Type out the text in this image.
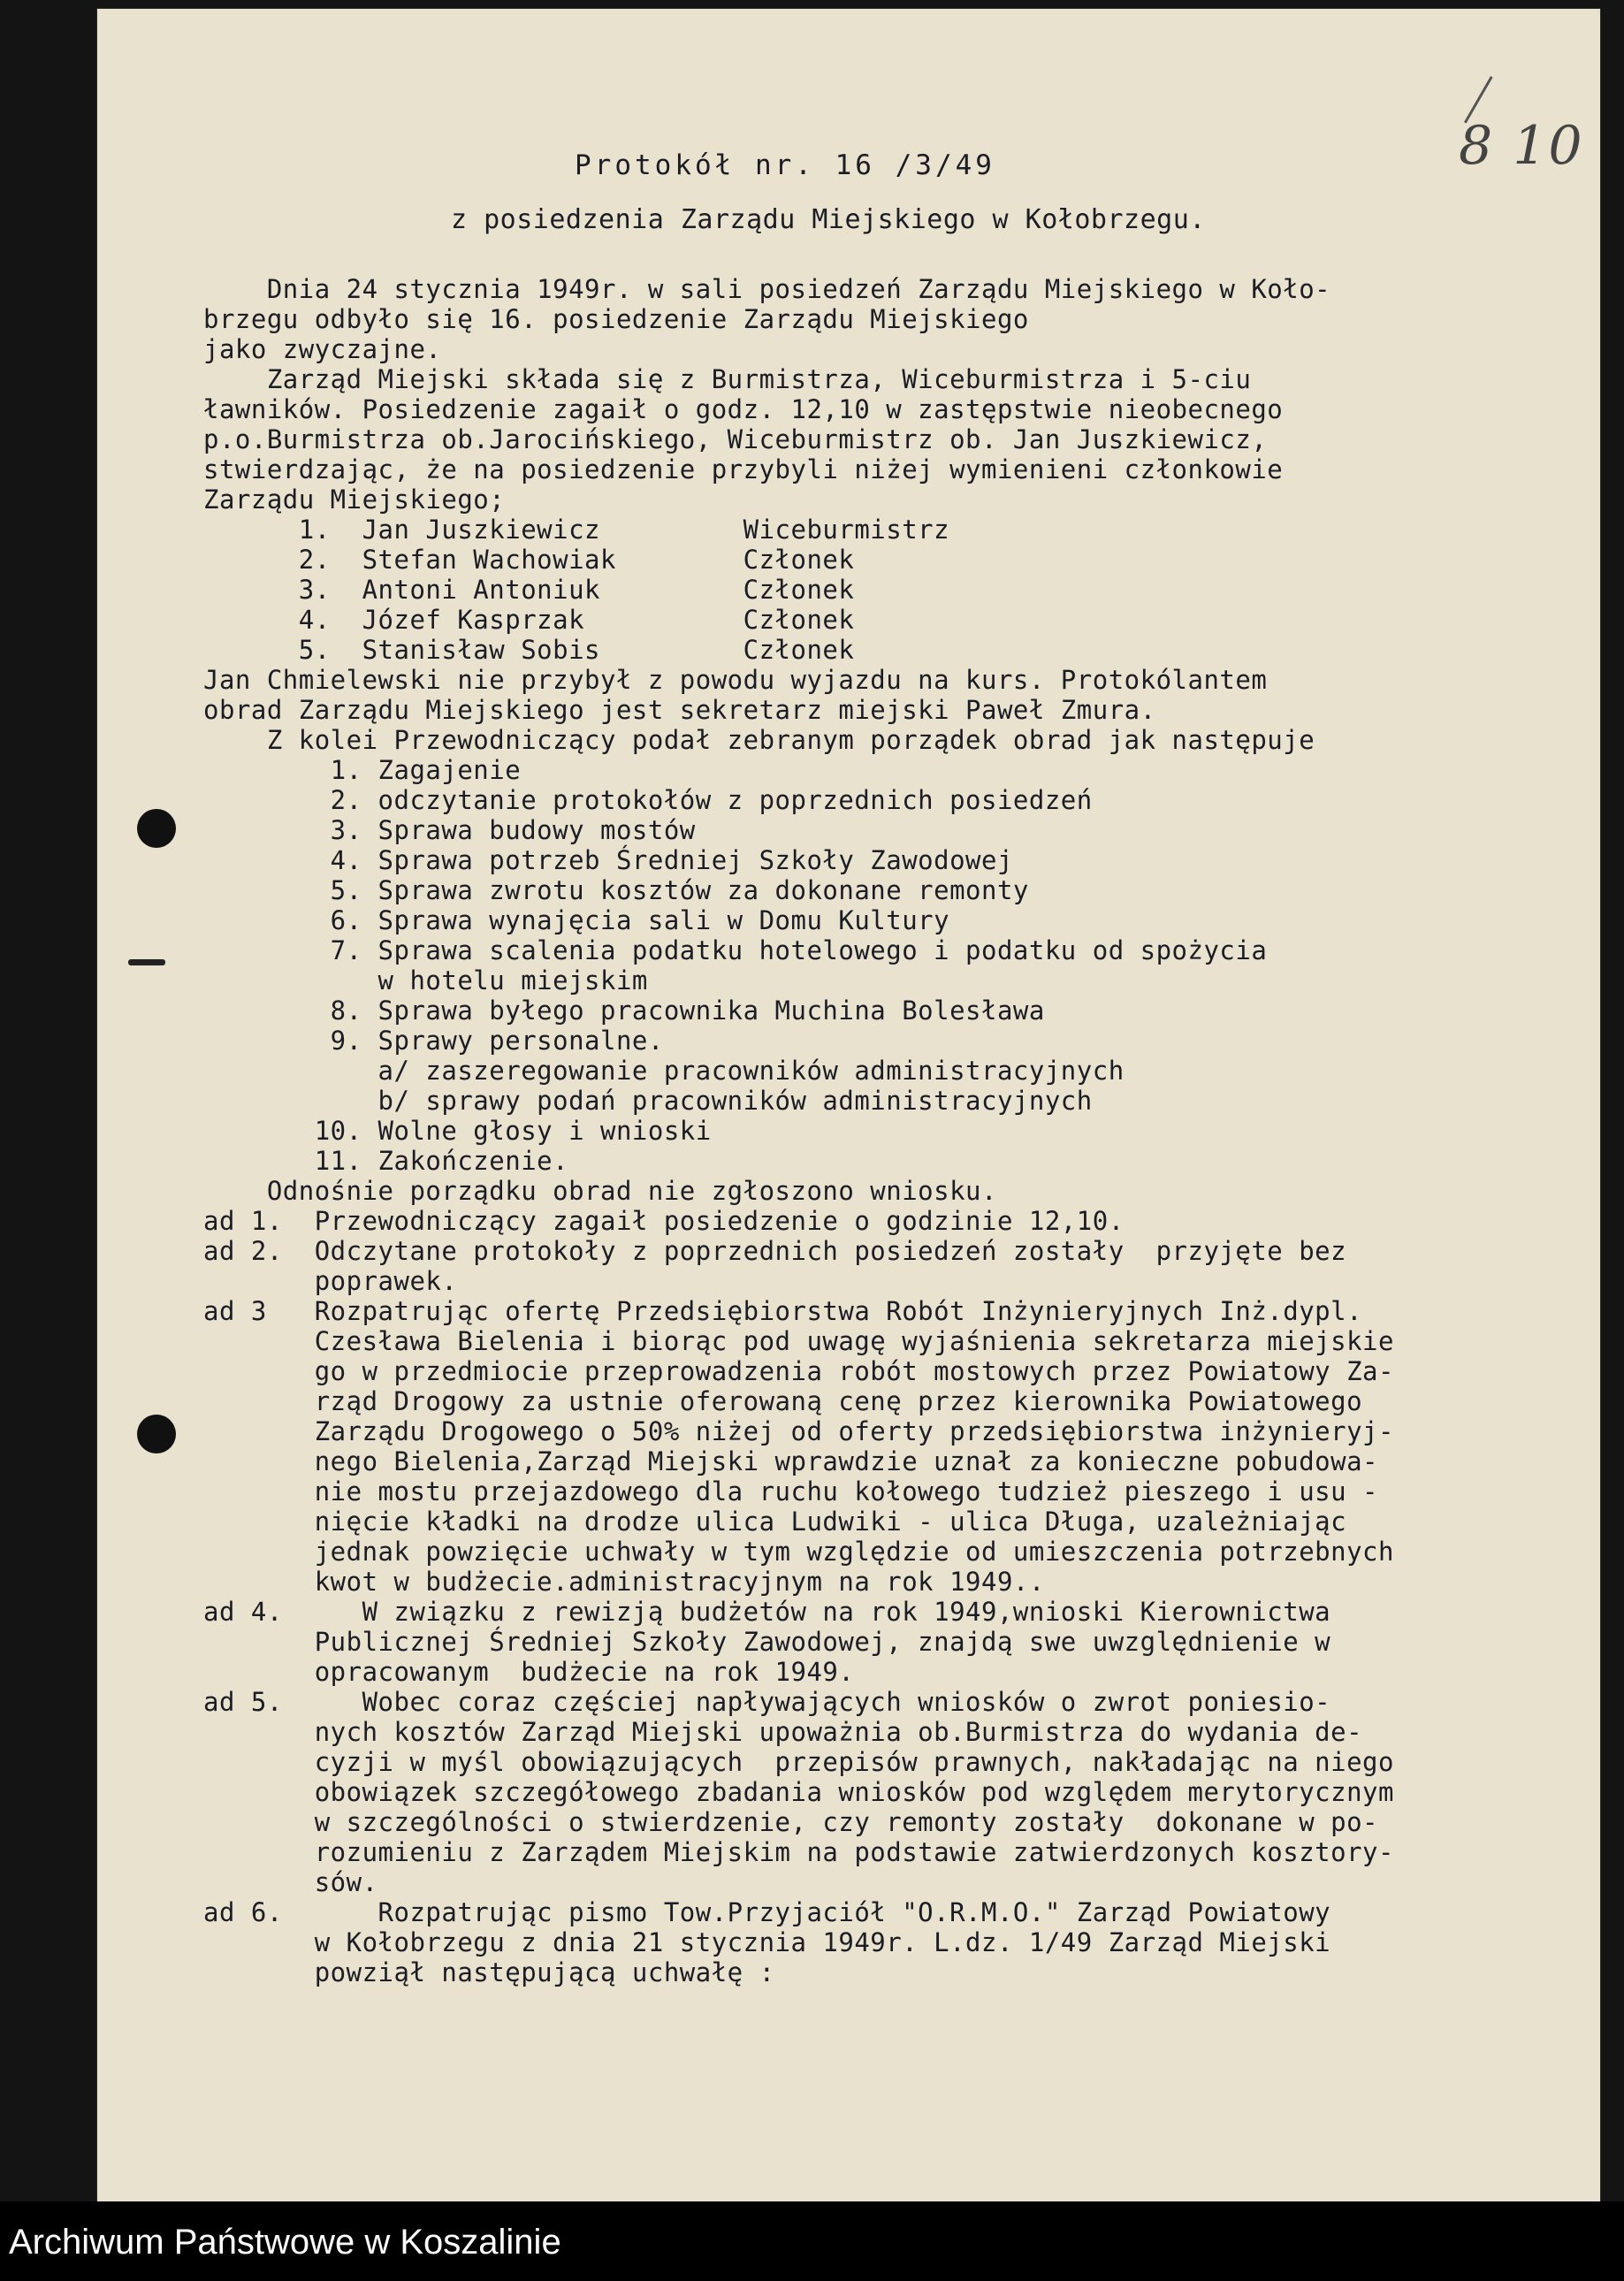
8 10
Protokół nr. 16 /3/49
z posiedzenia Zarządu Miejskiego w Kołobrzegu.
Dnia 24 stycznia 1949r. w sali posiedzeń Zarządu Miejskiego w Koło-
brzegu odbyło się 16. posiedzenie Zarządu Miejskiego
jako zwyczajne.
Zarząd Miejski składa się z Burmistrza, Wiceburmistrza i 5-ciu
ławników. Posiedzenie zagaił o godz. 12,10 w zastępstwie nieobecnego
p.o.Burmistrza ob.Jarocińskiego, Wiceburmistrz ob. Jan Juszkiewicz,
stwierdzając, że na posiedzenie przybyli niżej wymienieni członkowie
Zarządu Miejskiego;
1.  Jan Juszkiewicz         Wiceburmistrz
2.  Stefan Wachowiak        Członek
3.  Antoni Antoniuk         Członek
4.  Józef Kasprzak          Członek
5.  Stanisław Sobis         Członek
Jan Chmielewski nie przybył z powodu wyjazdu na kurs. Protokólantem
obrad Zarządu Miejskiego jest sekretarz miejski Paweł Zmura.
Z kolei Przewodniczący podał zebranym porządek obrad jak następuje
1. Zagajenie
2. odczytanie protokołów z poprzednich posiedzeń
3. Sprawa budowy mostów
4. Sprawa potrzeb Średniej Szkoły Zawodowej
5. Sprawa zwrotu kosztów za dokonane remonty
6. Sprawa wynajęcia sali w Domu Kultury
7. Sprawa scalenia podatku hotelowego i podatku od spożycia
w hotelu miejskim
8. Sprawa byłego pracownika Muchina Bolesława
9. Sprawy personalne.
a/ zaszeregowanie pracowników administracyjnych
b/ sprawy podań pracowników administracyjnych
10. Wolne głosy i wnioski
11. Zakończenie.
Odnośnie porządku obrad nie zgłoszono wniosku.
ad 1.  Przewodniczący zagaił posiedzenie o godzinie 12,10.
ad 2.  Odczytane protokoły z poprzednich posiedzeń zostały  przyjęte bez
poprawek.
ad 3   Rozpatrując ofertę Przedsiębiorstwa Robót Inżynieryjnych Inż.dypl.
Czesława Bielenia i biorąc pod uwagę wyjaśnienia sekretarza miejskie
go w przedmiocie przeprowadzenia robót mostowych przez Powiatowy Za-
rząd Drogowy za ustnie oferowaną cenę przez kierownika Powiatowego
Zarządu Drogowego o 50% niżej od oferty przedsiębiorstwa inżynieryj-
nego Bielenia,Zarząd Miejski wprawdzie uznał za konieczne pobudowa-
nie mostu przejazdowego dla ruchu kołowego tudzież pieszego i usu -
nięcie kładki na drodze ulica Ludwiki - ulica Długa, uzależniając
jednak powzięcie uchwały w tym względzie od umieszczenia potrzebnych
kwot w budżecie.administracyjnym na rok 1949..
ad 4.     W związku z rewizją budżetów na rok 1949,wnioski Kierownictwa
Publicznej Średniej Szkoły Zawodowej, znajdą swe uwzględnienie w
opracowanym  budżecie na rok 1949.
ad 5.     Wobec coraz częściej napływających wniosków o zwrot poniesio-
nych kosztów Zarząd Miejski upoważnia ob.Burmistrza do wydania de-
cyzji w myśl obowiązujących  przepisów prawnych, nakładając na niego
obowiązek szczegółowego zbadania wniosków pod względem merytorycznym
w szczególności o stwierdzenie, czy remonty zostały  dokonane w po-
rozumieniu z Zarządem Miejskim na podstawie zatwierdzonych kosztory-
sów.
ad 6.      Rozpatrując pismo Tow.Przyjaciół "O.R.M.O." Zarząd Powiatowy
w Kołobrzegu z dnia 21 stycznia 1949r. L.dz. 1/49 Zarząd Miejski
powziął następującą uchwałę :
Archiwum Państwowe w Koszalinie
